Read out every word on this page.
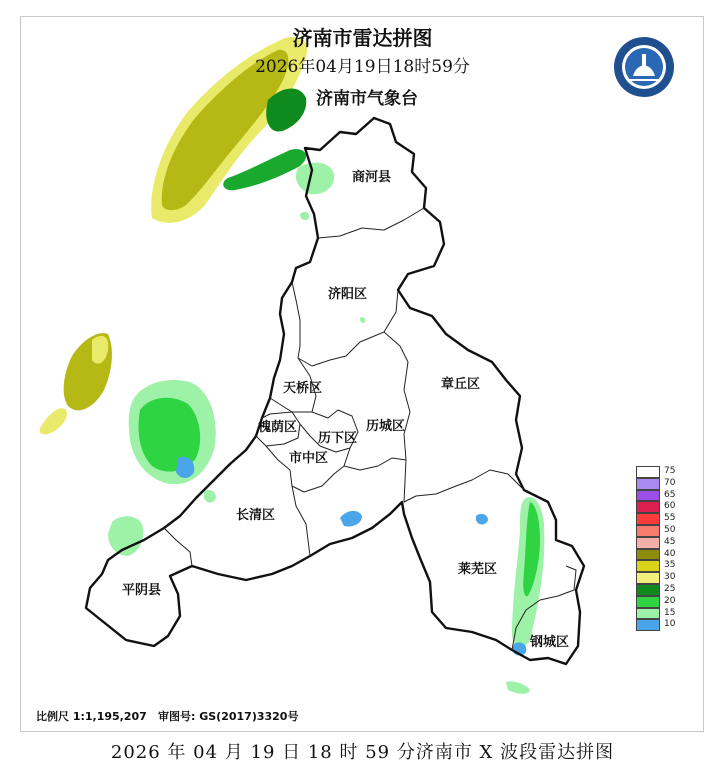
济南市雷达拼图
2026年04月19日18时59分
济南市气象台
商河县
济阳区
天桥区	章丘区
槐荫区
历下区
历城区
市中区
长清区
莱芜区
平阴县
钢城区
75
70
65
60
55
50
45
40
35
30
25
20
15
10
比例尺 1:1,195,207 审图号: GS(2017)3320号
2026 年 04 月 19 日 18 时 59 分济南市 X 波段雷达拼图
